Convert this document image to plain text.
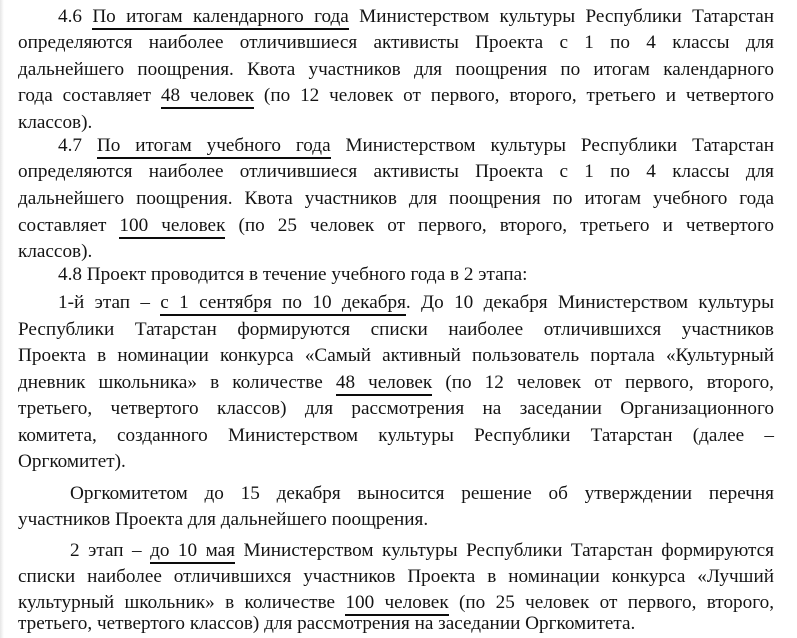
4.6 По итогам календарного года Министерством культуры Республики Татарстан
определяются наиболее отличившиеся активисты Проекта с 1 по 4 классы для
дальнейшего поощрения. Квота участников для поощрения по итогам календарного
года составляет 48 человек (по 12 человек от первого, второго, третьего и четвертого
классов).
4.7 По итогам учебного года Министерством культуры Республики Татарстан
определяются наиболее отличившиеся активисты Проекта с 1 по 4 классы для
дальнейшего поощрения. Квота участников для поощрения по итогам учебного года
составляет 100 человек (по 25 человек от первого, второго, третьего и четвертого
классов).
4.8 Проект проводится в течение учебного года в 2 этапа:
1-й этап – с 1 сентября по 10 декабря. До 10 декабря Министерством культуры
Республики Татарстан формируются списки наиболее отличившихся участников
Проекта в номинации конкурса «Самый активный пользователь портала «Культурный
дневник школьника» в количестве 48 человек (по 12 человек от первого, второго,
третьего, четвертого классов) для рассмотрения на заседании Организационного
комитета, созданного Министерством культуры Республики Татарстан (далее –
Оргкомитет).
Оргкомитетом до 15 декабря выносится решение об утверждении перечня
участников Проекта для дальнейшего поощрения.
2 этап – до 10 мая Министерством культуры Республики Татарстан формируются
списки наиболее отличившихся участников Проекта в номинации конкурса «Лучший
культурный школьник» в количестве 100 человек (по 25 человек от первого, второго,
третьего, четвертого классов) для рассмотрения на заседании Оргкомитета.
